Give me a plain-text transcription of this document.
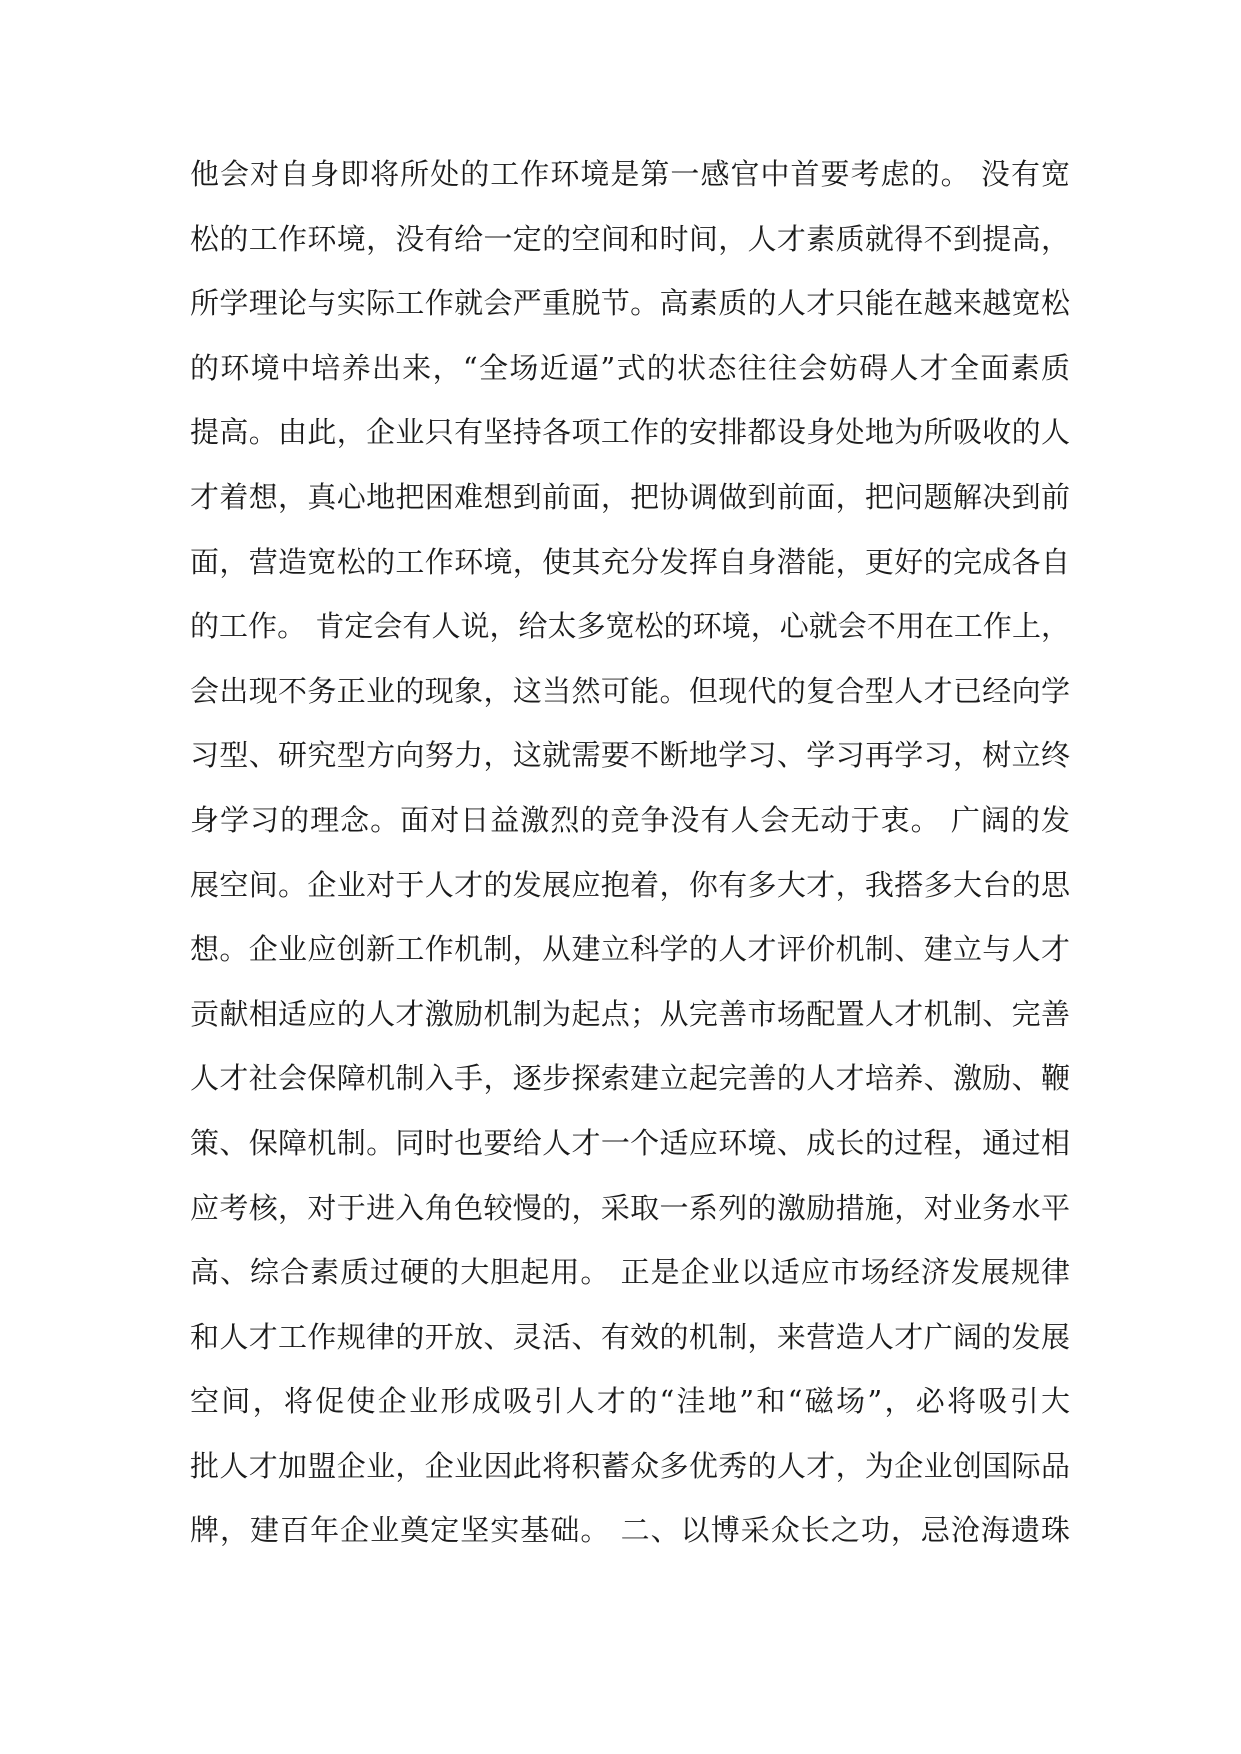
他会对自身即将所处的工作环境是第一感官中首要考虑的。 没有宽
松的工作环境，没有给一定的空间和时间，人才素质就得不到提高，
所学理论与实际工作就会严重脱节。高素质的人才只能在越来越宽松
的环境中培养出来，“全场近逼”式的状态往往会妨碍人才全面素质
提高。由此，企业只有坚持各项工作的安排都设身处地为所吸收的人
才着想，真心地把困难想到前面，把协调做到前面，把问题解决到前
面，营造宽松的工作环境，使其充分发挥自身潜能，更好的完成各自
的工作。 肯定会有人说，给太多宽松的环境，心就会不用在工作上，
会出现不务正业的现象，这当然可能。但现代的复合型人才已经向学
习型、研究型方向努力，这就需要不断地学习、学习再学习，树立终
身学习的理念。面对日益激烈的竞争没有人会无动于衷。 广阔的发
展空间。企业对于人才的发展应抱着，你有多大才，我搭多大台的思
想。企业应创新工作机制，从建立科学的人才评价机制、建立与人才
贡献相适应的人才激励机制为起点；从完善市场配置人才机制、完善
人才社会保障机制入手，逐步探索建立起完善的人才培养、激励、鞭
策、保障机制。同时也要给人才一个适应环境、成长的过程，通过相
应考核，对于进入角色较慢的，采取一系列的激励措施，对业务水平
高、综合素质过硬的大胆起用。 正是企业以适应市场经济发展规律
和人才工作规律的开放、灵活、有效的机制，来营造人才广阔的发展
空间，将促使企业形成吸引人才的“洼地”和“磁场”，必将吸引大
批人才加盟企业，企业因此将积蓄众多优秀的人才，为企业创国际品
牌，建百年企业奠定坚实基础。 二、以博采众长之功，忌沧海遗珠
